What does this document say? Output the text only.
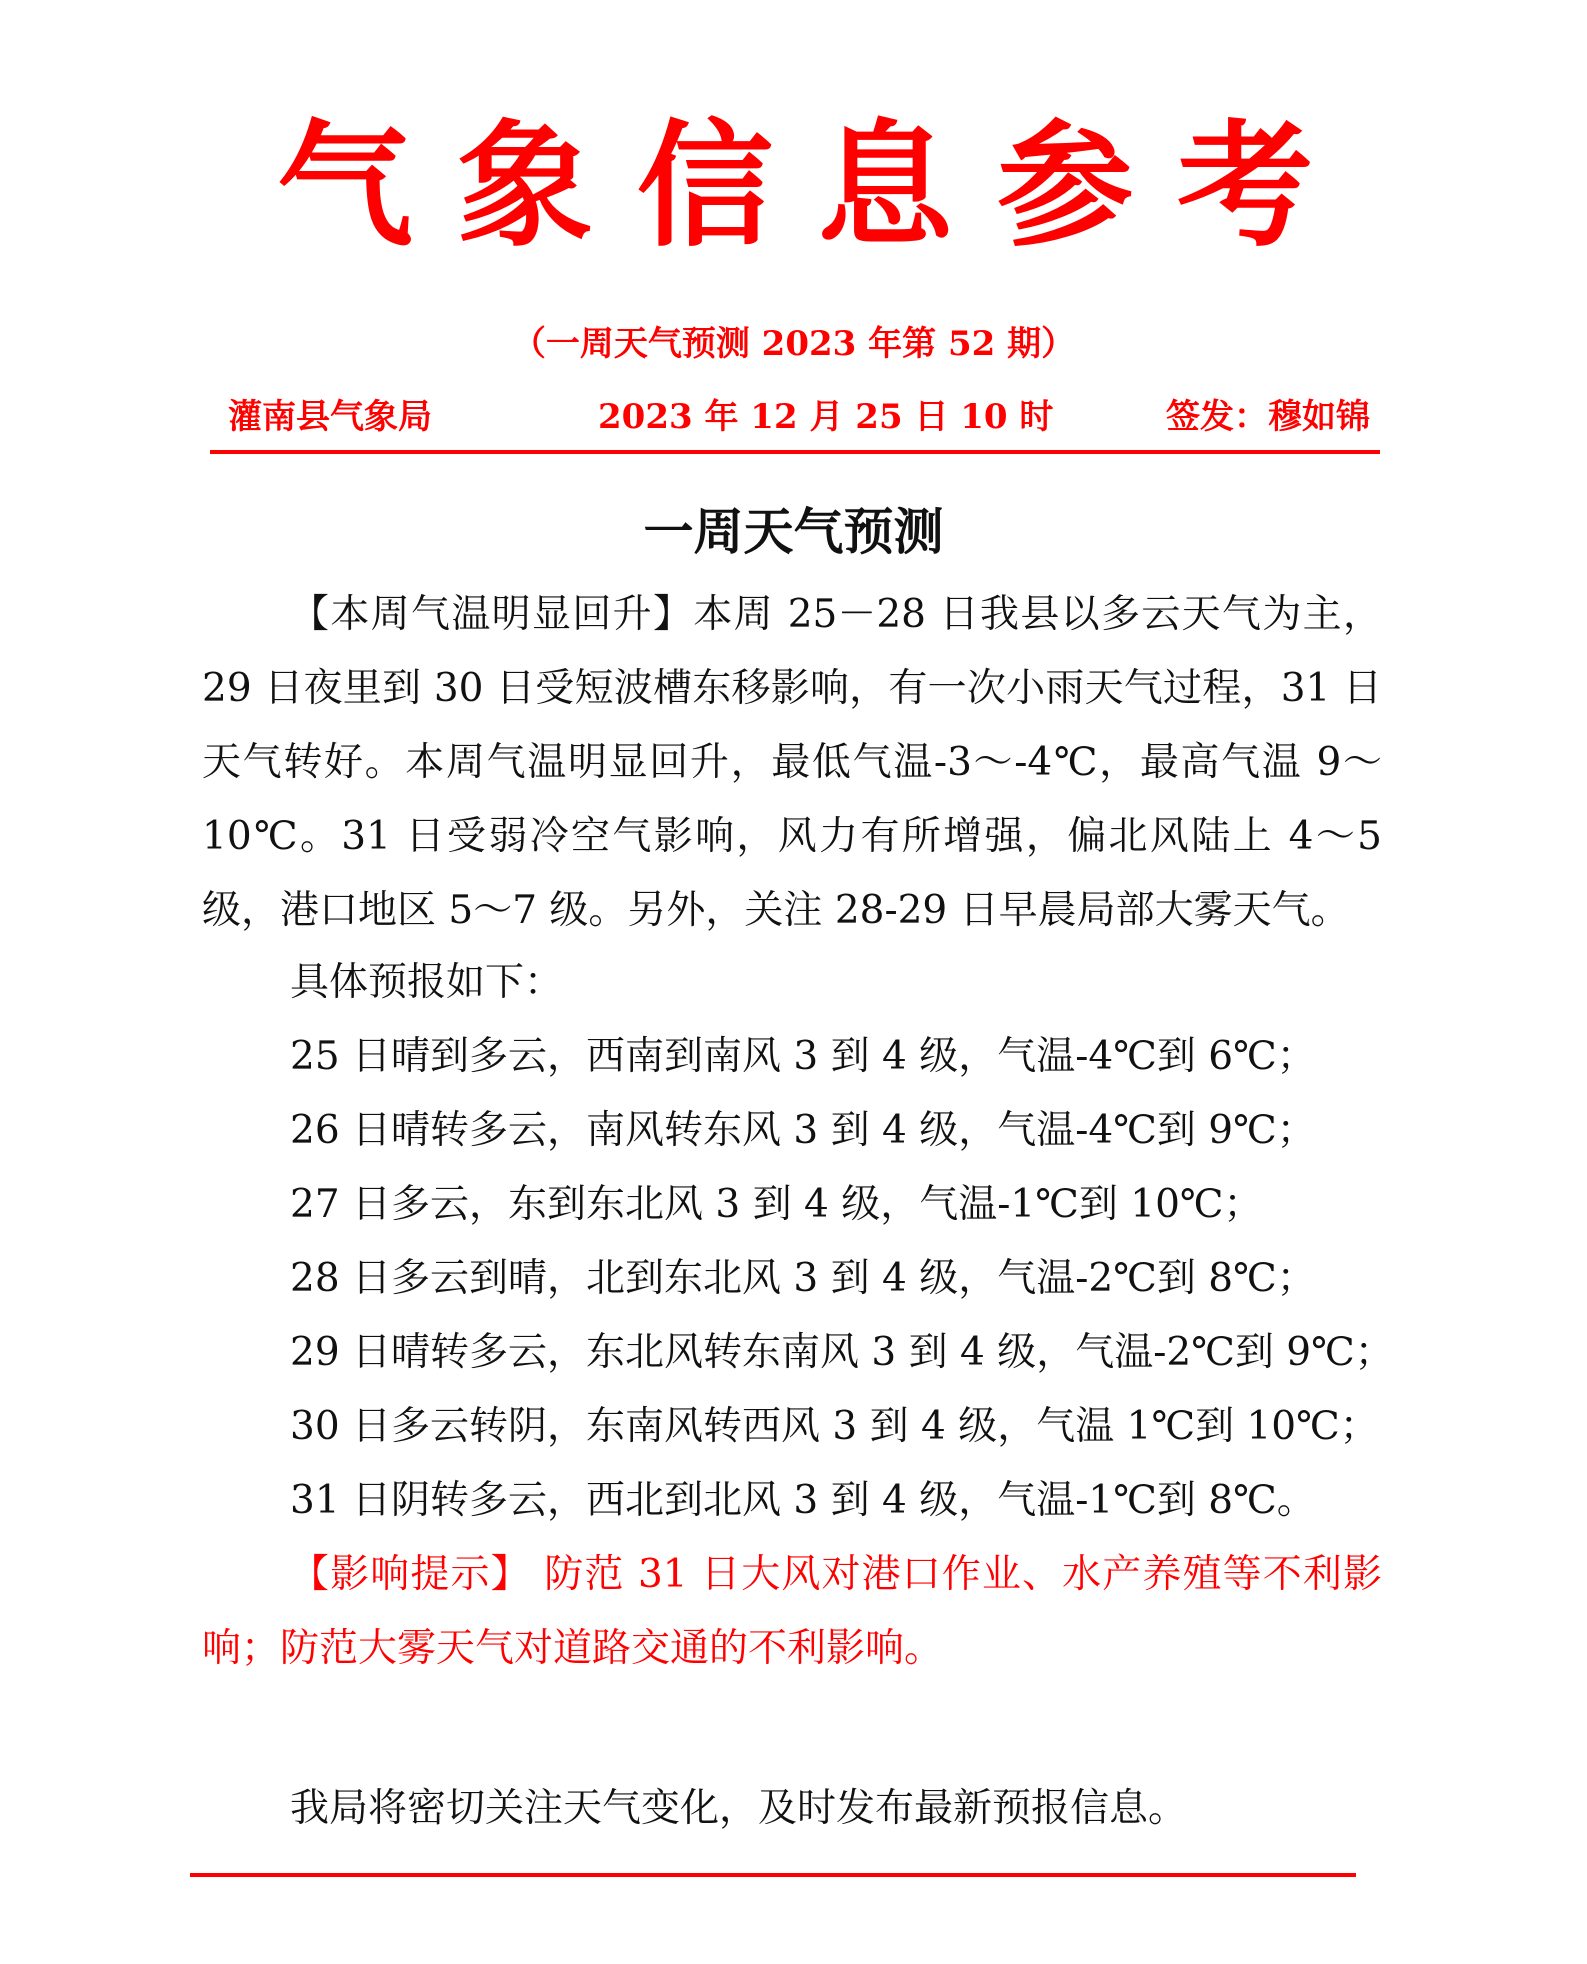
气象信息参考
（一周天气预测 2023 年第 52 期）
灌南县气象局	2023 年 12 月 25 日 10 时	签发：穆如锦
一周天气预测

【本周气温明显回升】本周 25－28 日我县以多云天气为主，29 日夜里到 30 日受短波槽东移影响，有一次小雨天气过程，31 日天气转好。本周气温明显回升，最低气温-3～-4℃，最高气温 9～10℃。31 日受弱冷空气影响，风力有所增强，偏北风陆上 4～5 级，港口地区 5～7 级。另外，关注 28-29 日早晨局部大雾天气。

具体预报如下：

25 日晴到多云，西南到南风 3 到 4 级，气温-4℃到 6℃；
26 日晴转多云，南风转东风 3 到 4 级，气温-4℃到 9℃；
27 日多云，东到东北风 3 到 4 级，气温-1℃到 10℃；
28 日多云到晴，北到东北风 3 到 4 级，气温-2℃到 8℃；
29 日晴转多云，东北风转东南风 3 到 4 级，气温-2℃到 9℃；
30 日多云转阴，东南风转西风 3 到 4 级，气温 1℃到 10℃；
31 日阴转多云，西北到北风 3 到 4 级，气温-1℃到 8℃。

【影响提示】 防范 31 日大风对港口作业、水产养殖等不利影响；防范大雾天气对道路交通的不利影响。

我局将密切关注天气变化，及时发布最新预报信息。
